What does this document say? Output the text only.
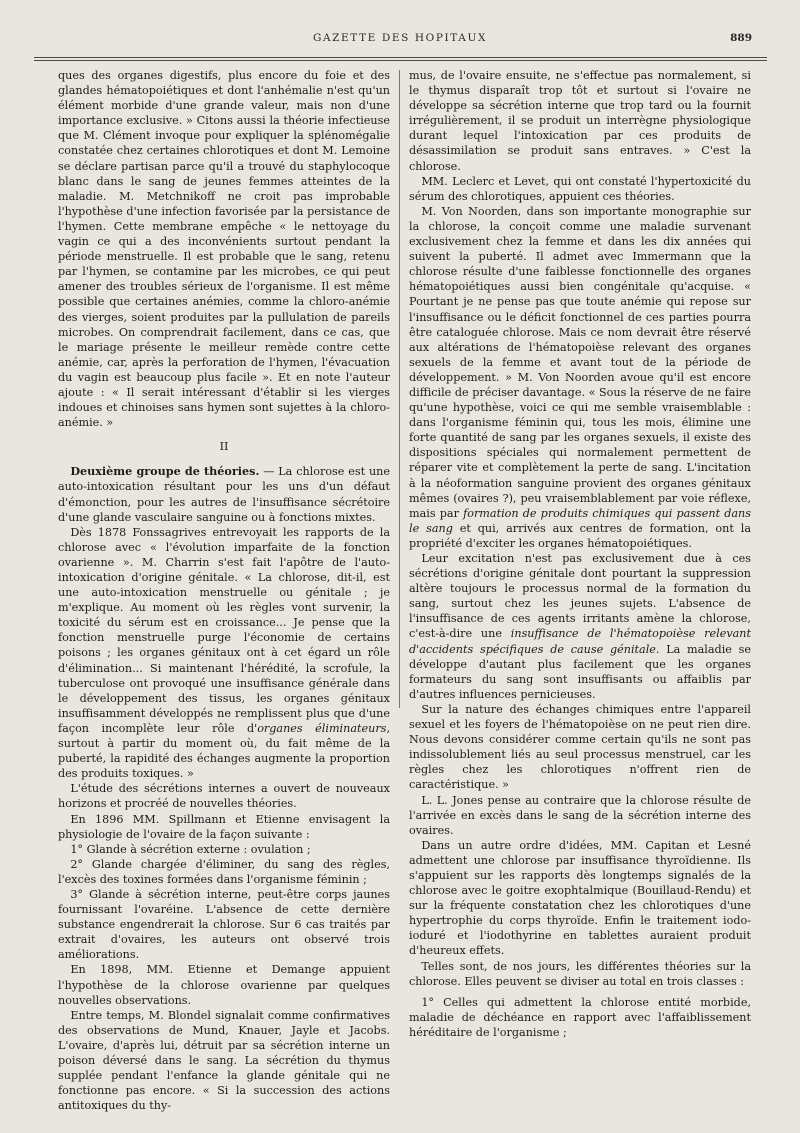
GAZETTE DES HOPITAUX	889

ques des organes digestifs, plus encore du foie et des glandes hématopoiétiques et dont l'anhémalie n'est qu'un élément morbide d'une grande valeur, mais non d'une importance exclusive. » Citons aussi la théorie infectieuse que M. Clément invoque pour expliquer la splénomégalie constatée chez certaines chlorotiques et dont M. Lemoine se déclare partisan parce qu'il a trouvé du staphylocoque blanc dans le sang de jeunes femmes atteintes de la maladie. M. Metchnikoff ne croit pas improbable l'hypothèse d'une infection favorisée par la persistance de l'hymen. Cette membrane empêche « le nettoyage du vagin ce qui a des inconvénients surtout pendant la période menstruelle. Il est probable que le sang, retenu par l'hymen, se contamine par les microbes, ce qui peut amener des troubles sérieux de l'organisme. Il est même possible que certaines anémies, comme la chloro-anémie des vierges, soient produites par la pullulation de pareils microbes. On comprendrait facilement, dans ce cas, que le mariage présente le meilleur remède contre cette anémie, car, après la perforation de l'hymen, l'évacuation du vagin est beaucoup plus facile ». Et en note l'auteur ajoute : « Il serait intéressant d'établir si les vierges indoues et chinoises sans hymen sont sujettes à la chloro-anémie. »

II

Deuxième groupe de théories. — La chlorose est une auto-intoxication résultant pour les uns d'un défaut d'émonction, pour les autres de l'insuffisance sécrétoire d'une glande vasculaire sanguine ou à fonctions mixtes.

Dès 1878 Fonssagrives entrevoyait les rapports de la chlorose avec « l'évolution imparfaite de la fonction ovarienne ». M. Charrin s'est fait l'apôtre de l'auto-intoxication d'origine génitale. « La chlorose, dit-il, est une auto-intoxication menstruelle ou génitale ; je m'explique. Au moment où les règles vont survenir, la toxicité du sérum est en croissance... Je pense que la fonction menstruelle purge l'économie de certains poisons ; les organes génitaux ont à cet égard un rôle d'élimination... Si maintenant l'hérédité, la scrofule, la tuberculose ont provoqué une insuffisance générale dans le développement des tissus, les organes génitaux insuffisamment développés ne remplissent plus que d'une façon incomplète leur rôle d'organes éliminateurs, surtout à partir du moment où, du fait même de la puberté, la rapidité des échanges augmente la proportion des produits toxiques. »

L'étude des sécrétions internes a ouvert de nouveaux horizons et procréé de nouvelles théories.

En 1896 MM. Spillmann et Etienne envisagent la physiologie de l'ovaire de la façon suivante :

1° Glande à sécrétion externe : ovulation ;

2° Glande chargée d'éliminer, du sang des règles, l'excès des toxines formées dans l'organisme féminin ;

3° Glande à sécrétion interne, peut-être corps jaunes fournissant l'ovaréine. L'absence de cette dernière substance engendrerait la chlorose. Sur 6 cas traités par extrait d'ovaires, les auteurs ont observé trois améliorations.

En 1898, MM. Etienne et Demange appuient l'hypothèse de la chlorose ovarienne par quelques nouvelles observations.

Entre temps, M. Blondel signalait comme confirmatives des observations de Mund, Knauer, Jayle et Jacobs. L'ovaire, d'après lui, détruit par sa sécrétion interne un poison déversé dans le sang. La sécrétion du thymus supplée pendant l'enfance la glande génitale qui ne fonctionne pas encore. « Si la succession des actions antitoxiques du thy-

mus, de l'ovaire ensuite, ne s'effectue pas normalement, si le thymus disparaît trop tôt et surtout si l'ovaire ne développe sa sécrétion interne que trop tard ou la fournit irrégulièrement, il se produit un interrègne physiologique durant lequel l'intoxication par ces produits de désassimilation se produit sans entraves. » C'est la chlorose.

MM. Leclerc et Levet, qui ont constaté l'hypertoxicité du sérum des chlorotiques, appuient ces théories.

M. Von Noorden, dans son importante monographie sur la chlorose, la conçoit comme une maladie survenant exclusivement chez la femme et dans les dix années qui suivent la puberté. Il admet avec Immermann que la chlorose résulte d'une faiblesse fonctionnelle des organes hématopoiétiques aussi bien congénitale qu'acquise. « Pourtant je ne pense pas que toute anémie qui repose sur l'insuffisance ou le déficit fonctionnel de ces parties pourra être cataloguée chlorose. Mais ce nom devrait être réservé aux altérations de l'hématopoièse relevant des organes sexuels de la femme et avant tout de la période de développement. » M. Von Noorden avoue qu'il est encore difficile de préciser davantage. « Sous la réserve de ne faire qu'une hypothèse, voici ce qui me semble vraisemblable : dans l'organisme féminin qui, tous les mois, élimine une forte quantité de sang par les organes sexuels, il existe des dispositions spéciales qui normalement permettent de réparer vite et complètement la perte de sang. L'incitation à la néoformation sanguine provient des organes génitaux mêmes (ovaires ?), peu vraisemblablement par voie réflexe, mais par formation de produits chimiques qui passent dans le sang et qui, arrivés aux centres de formation, ont la propriété d'exciter les organes hématopoiétiques.

Leur excitation n'est pas exclusivement due à ces sécrétions d'origine génitale dont pourtant la suppression altère toujours le processus normal de la formation du sang, surtout chez les jeunes sujets. L'absence de l'insuffisance de ces agents irritants amène la chlorose, c'est-à-dire une insuffisance de l'hématopoièse relevant d'accidents spécifiques de cause génitale. La maladie se développe d'autant plus facilement que les organes formateurs du sang sont insuffisants ou affaiblis par d'autres influences pernicieuses.

Sur la nature des échanges chimiques entre l'appareil sexuel et les foyers de l'hématopoièse on ne peut rien dire. Nous devons considérer comme certain qu'ils ne sont pas indissolublement liés au seul processus menstruel, car les règles chez les chlorotiques n'offrent rien de caractéristique. »

L. L. Jones pense au contraire que la chlorose résulte de l'arrivée en excès dans le sang de la sécrétion interne des ovaires.

Dans un autre ordre d'idées, MM. Capitan et Lesné admettent une chlorose par insuffisance thyroïdienne. Ils s'appuient sur les rapports dès longtemps signalés de la chlorose avec le goitre exophtalmique (Bouillaud-Rendu) et sur la fréquente constatation chez les chlorotiques d'une hypertrophie du corps thyroïde. Enfin le traitement iodo-ioduré et l'iodothyrine en tablettes auraient produit d'heureux effets.

Telles sont, de nos jours, les différentes théories sur la chlorose. Elles peuvent se diviser au total en trois classes :

1° Celles qui admettent la chlorose entité morbide, maladie de déchéance en rapport avec l'affaiblissement héréditaire de l'organisme ;
